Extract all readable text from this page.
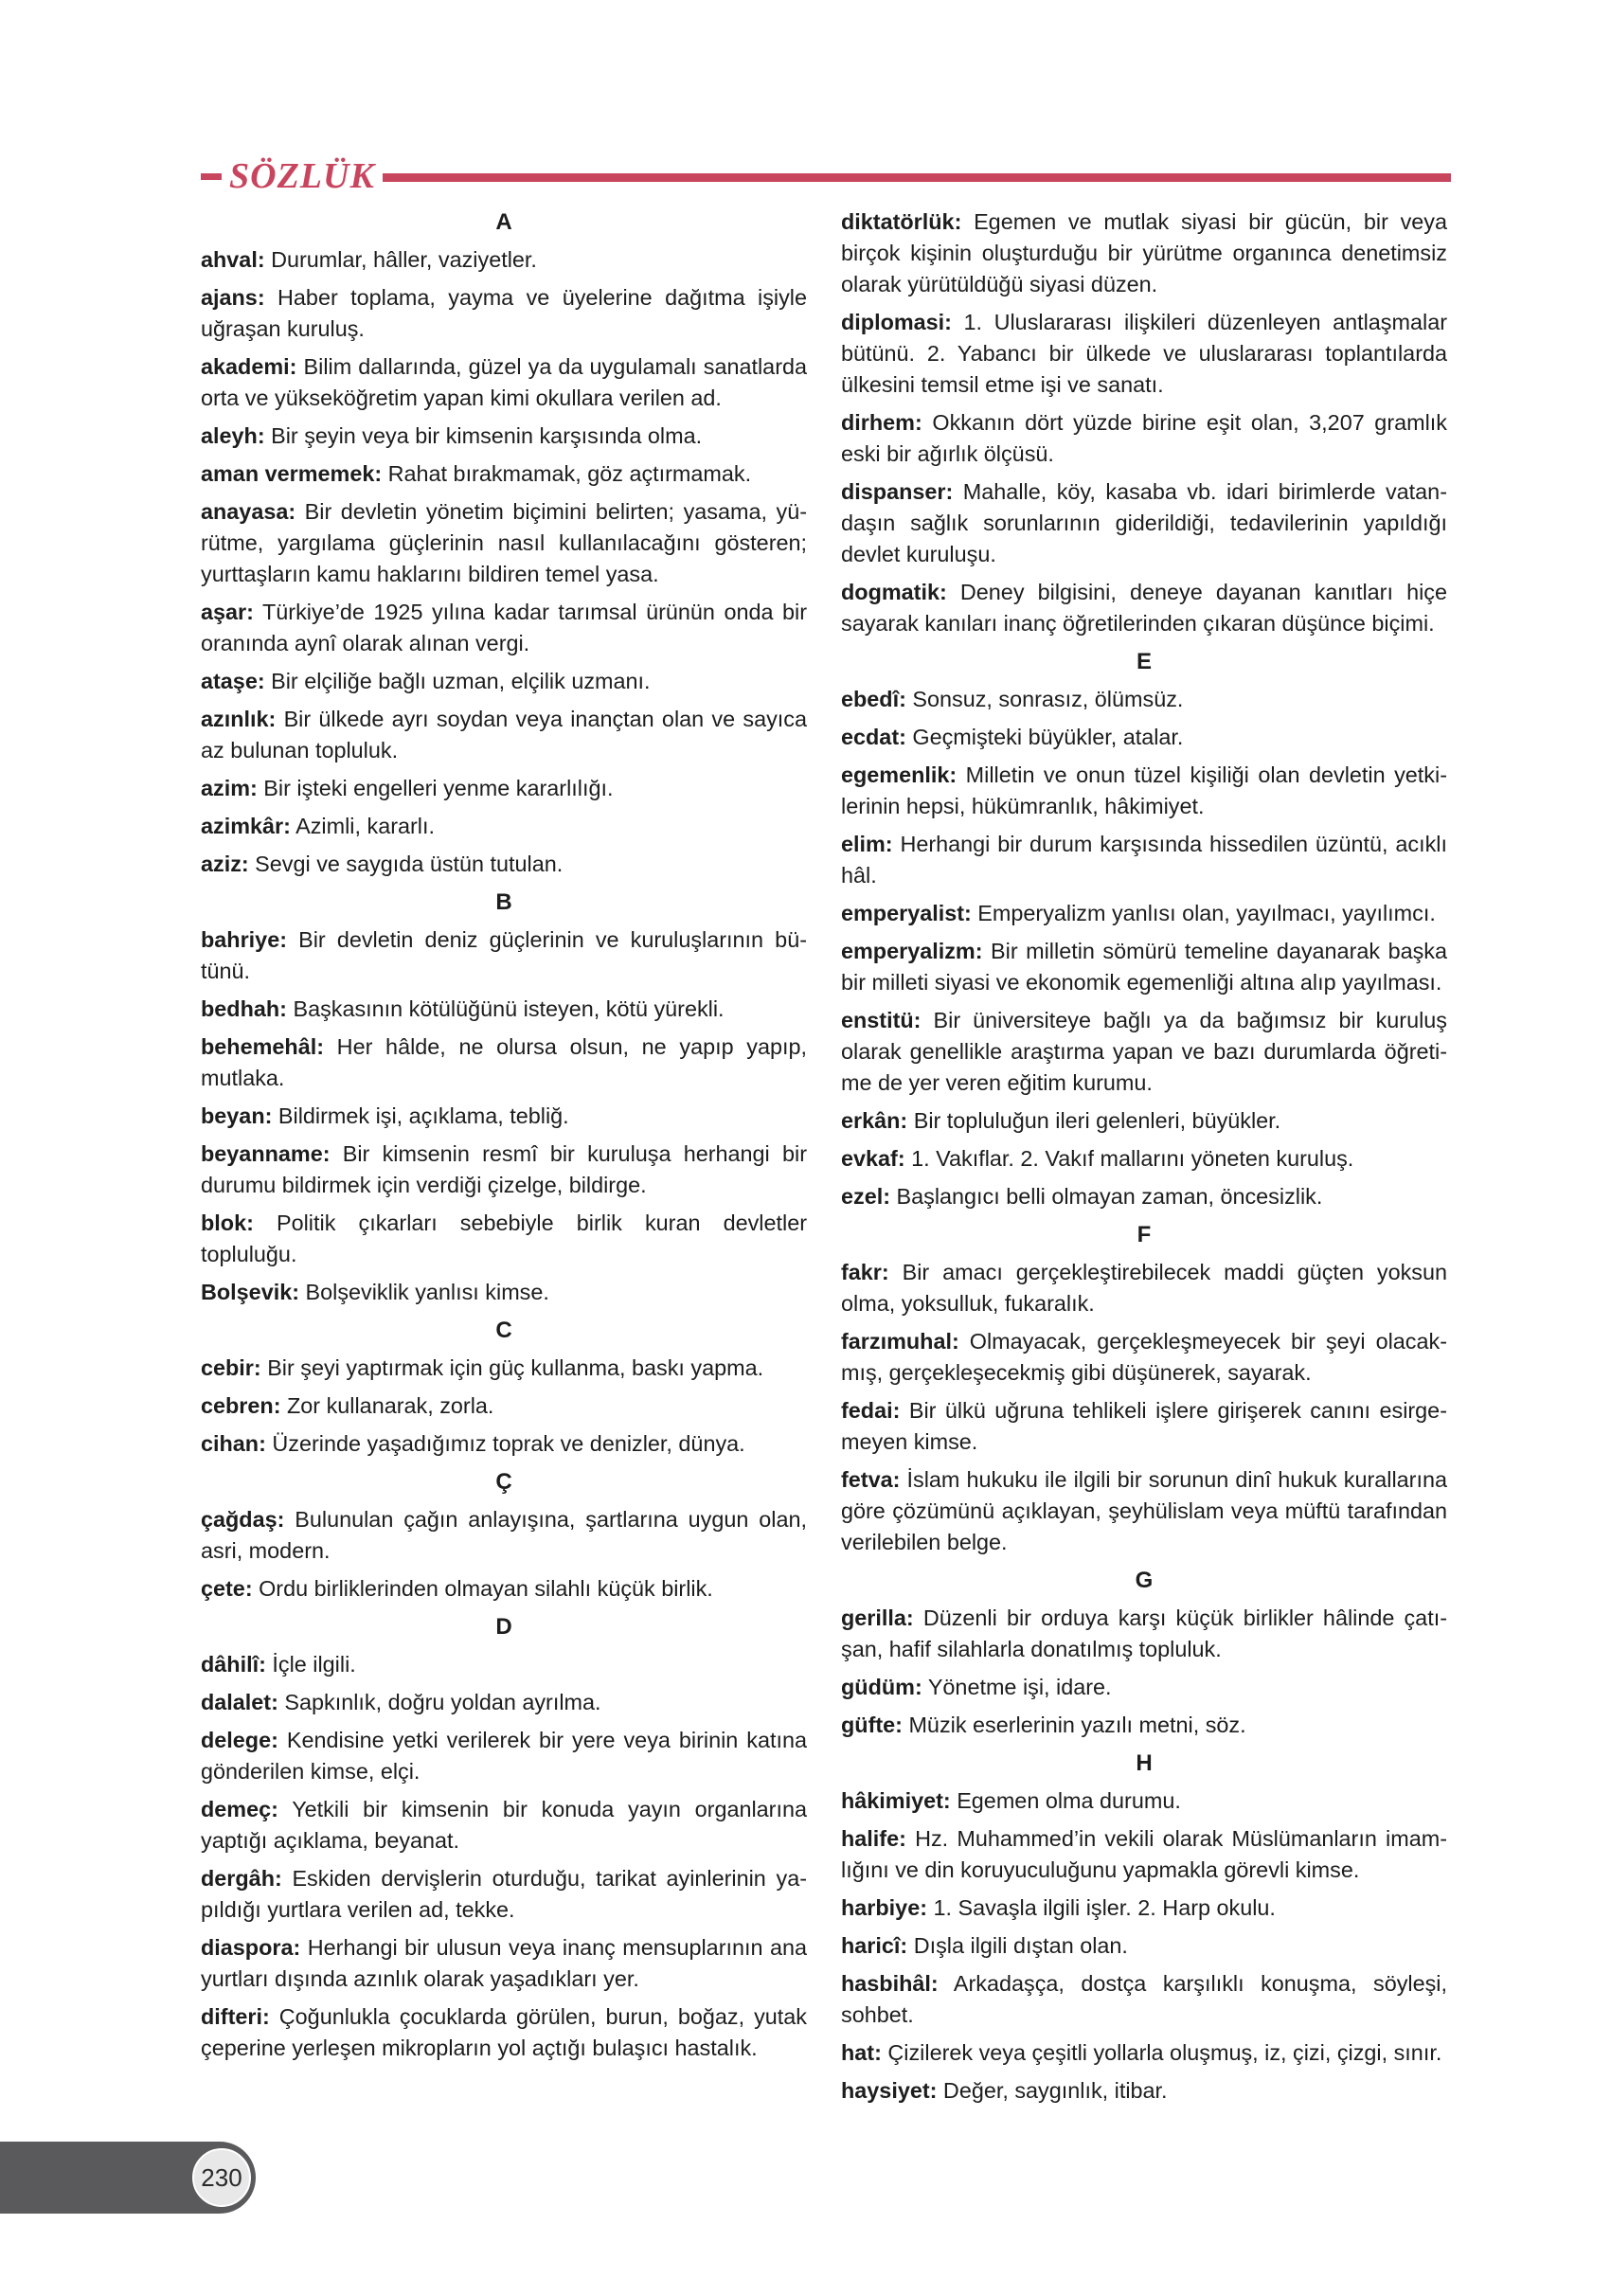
SÖZLÜK
A
ahval: Durumlar, hâller, vaziyetler.
ajans: Haber toplama, yayma ve üyelerine dağıtma işiyle uğraşan kuruluş.
akademi: Bilim dallarında, güzel ya da uygulamalı sanatlarda orta ve yükseköğretim yapan kimi okullara verilen ad.
aleyh: Bir şeyin veya bir kimsenin karşısında olma.
aman vermemek: Rahat bırakmamak, göz açtırmamak.
anayasa: Bir devletin yönetim biçimini belirten; yasama, yürütme, yargılama güçlerinin nasıl kullanılacağını gösteren; yurttaşların kamu haklarını bildiren temel yasa.
aşar: Türkiye’de 1925 yılına kadar tarımsal ürünün onda bir oranında aynî olarak alınan vergi.
ataşe: Bir elçiliğe bağlı uzman, elçilik uzmanı.
azınlık: Bir ülkede ayrı soydan veya inançtan olan ve sayıca az bulunan topluluk.
azim: Bir işteki engelleri yenme kararlılığı.
azimkâr: Azimli, kararlı.
aziz: Sevgi ve saygıda üstün tutulan.
B
bahriye: Bir devletin deniz güçlerinin ve kuruluşlarının bütünü.
bedhah: Başkasının kötülüğünü isteyen, kötü yürekli.
behemehâl: Her hâlde, ne olursa olsun, ne yapıp yapıp, mutlaka.
beyan: Bildirmek işi, açıklama, tebliğ.
beyanname: Bir kimsenin resmî bir kuruluşa herhangi bir durumu bildirmek için verdiği çizelge, bildirge.
blok: Politik çıkarları sebebiyle birlik kuran devletler topluluğu.
Bolşevik: Bolşeviklik yanlısı kimse.
C
cebir: Bir şeyi yaptırmak için güç kullanma, baskı yapma.
cebren: Zor kullanarak, zorla.
cihan: Üzerinde yaşadığımız toprak ve denizler, dünya.
Ç
çağdaş: Bulunulan çağın anlayışına, şartlarına uygun olan, asri, modern.
çete: Ordu birliklerinden olmayan silahlı küçük birlik.
D
dâhilî: İçle ilgili.
dalalet: Sapkınlık, doğru yoldan ayrılma.
delege: Kendisine yetki verilerek bir yere veya birinin katına gönderilen kimse, elçi.
demeç: Yetkili bir kimsenin bir konuda yayın organlarına yaptığı açıklama, beyanat.
dergâh: Eskiden dervişlerin oturduğu, tarikat ayinlerinin yapıldığı yurtlara verilen ad, tekke.
diaspora: Herhangi bir ulusun veya inanç mensuplarının ana yurtları dışında azınlık olarak yaşadıkları yer.
difteri: Çoğunlukla çocuklarda görülen, burun, boğaz, yutak çeperine yerleşen mikropların yol açtığı bulaşıcı hastalık.
diktatörlük: Egemen ve mutlak siyasi bir gücün, bir veya birçok kişinin oluşturduğu bir yürütme organınca denetimsiz olarak yürütüldüğü siyasi düzen.
diplomasi: 1. Uluslararası ilişkileri düzenleyen antlaşmalar bütünü. 2. Yabancı bir ülkede ve uluslararası toplantılarda ülkesini temsil etme işi ve sanatı.
dirhem: Okkanın dört yüzde birine eşit olan, 3,207 gramlık eski bir ağırlık ölçüsü.
dispanser: Mahalle, köy, kasaba vb. idari birimlerde vatandaşın sağlık sorunlarının giderildiği, tedavilerinin yapıldığı devlet kuruluşu.
dogmatik: Deney bilgisini, deneye dayanan kanıtları hiçe sayarak kanıları inanç öğretilerinden çıkaran düşünce biçimi.
E
ebedî: Sonsuz, sonrasız, ölümsüz.
ecdat: Geçmişteki büyükler, atalar.
egemenlik: Milletin ve onun tüzel kişiliği olan devletin yetkilerinin hepsi, hükümranlık, hâkimiyet.
elim: Herhangi bir durum karşısında hissedilen üzüntü, acıklı hâl.
emperyalist: Emperyalizm yanlısı olan, yayılmacı, yayılımcı.
emperyalizm: Bir milletin sömürü temeline dayanarak başka bir milleti siyasi ve ekonomik egemenliği altına alıp yayılması.
enstitü: Bir üniversiteye bağlı ya da bağımsız bir kuruluş olarak genellikle araştırma yapan ve bazı durumlarda öğretime de yer veren eğitim kurumu.
erkân: Bir topluluğun ileri gelenleri, büyükler.
evkaf: 1. Vakıflar. 2. Vakıf mallarını yöneten kuruluş.
ezel: Başlangıcı belli olmayan zaman, öncesizlik.
F
fakr: Bir amacı gerçekleştirebilecek maddi güçten yoksun olma, yoksulluk, fukaralık.
farzımuhal: Olmayacak, gerçekleşmeyecek bir şeyi olacakmış, gerçekleşecekmiş gibi düşünerek, sayarak.
fedai: Bir ülkü uğruna tehlikeli işlere girişerek canını esirgemeyen kimse.
fetva: İslam hukuku ile ilgili bir sorunun dinî hukuk kurallarına göre çözümünü açıklayan, şeyhülislam veya müftü tarafından verilebilen belge.
G
gerilla: Düzenli bir orduya karşı küçük birlikler hâlinde çatışan, hafif silahlarla donatılmış topluluk.
güdüm: Yönetme işi, idare.
güfte: Müzik eserlerinin yazılı metni, söz.
H
hâkimiyet: Egemen olma durumu.
halife: Hz. Muhammed’in vekili olarak Müslümanların imamlığını ve din koruyuculuğunu yapmakla görevli kimse.
harbiye: 1. Savaşla ilgili işler. 2. Harp okulu.
haricî: Dışla ilgili dıştan olan.
hasbihâl: Arkadaşça, dostça karşılıklı konuşma, söyleşi, sohbet.
hat: Çizilerek veya çeşitli yollarla oluşmuş, iz, çizi, çizgi, sınır.
haysiyet: Değer, saygınlık, itibar.
230
